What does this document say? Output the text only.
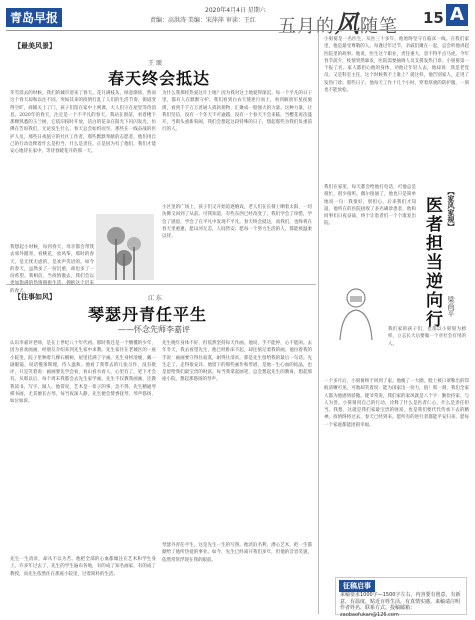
青岛早报
2020年4月4日 星期六
责编：高洪涛 美编：宋萍萍 审读：王红 五月的风随笔 15 A
【最美风景】
王 颂
春天终会抵达
冬雪消去的时候，我们的城市迎来了春天。花开满枝头，绿意渐浓，然而这个春天却和以往不同。突如其来的疫情打乱了人们的生活节奏，街道变得空旷，商铺关上了门，孩子们留在家中上网课，大人们守在屋里等待消息。2020年的春天，注定是一个不平凡的春天。我站在窗前，看着楼下那棵熟悉的玉兰树，它依旧按时开放，洁白的花朵在阳光下闪闪发光，仿佛在告诉我们，无论发生什么，春天总会如约而至。那些在一线奋战的医护人员，那些日夜值守的社区工作者，那些默默奉献的志愿者，他们用自己的行动诠释着什么是担当，什么是责任。正是因为有了他们，我们才能安心地待在家中，等待春暖花开的那一天。
我想起小时候，每到春天，母亲都会带我去郊外踏青，看桃花，放风筝。那时的春天，是无忧无虑的，是欢声笑语的。如今的春天，虽然多了一份沉重，却也多了一份希望。我相信，当疫情散去，我们会以更加饱满的热情拥抱生活，拥抱这个迟来的春天。
为什么我那样热爱这片土地？因为我对这土地爱得深沉。每一个平凡的日子里，都有人在默默守护。我们看到白衣天使逆行而上，看到解放军星夜驰援，看到千千万万普通人捐款捐物，汇聚成一股强大的力量。这种力量，让我们坚信，没有一个冬天不可逾越，没有一个春天不会来临。当樱花再次盛开，当街头重新喧闹，我们会想起这段特殊的日子，想起那些为我们负重前行的人。
小区里的广场上，孩子们又开始追逐嬉戏，老人们在长椅上晒着太阳，一切仿佛又回到了从前。可我知道，有些东西已经改变了。我们学会了珍惜，学会了感恩，学会了在平凡中发现不平凡。春天终会抵达，而我们，也终将在春天里重逢。愿山河无恙，人间皆安；愿每一个努力生活的人，都能被温柔以待。
【往事如风】	江 东
琴瑟丹青任平生
——怀念先师李嘉评
认识李嘉评老师，是在上世纪八十年代初。那时我还是一个懵懂的少年，因为喜欢画画，经朋友介绍来到先生家中求教。先生家住在老城区的一座小院里，院子里种着几棵石榴树，屋里挂满了字画。先生身材清瘦，戴一副眼镜，说话慢条斯理，待人温和。他看了我带去的几张习作，没有批评，只是笑着说：画画要先学会看，看山看水看人，心里有了，笔下才会有。从那以后，每个周末我都会去先生家学画。先生不仅教我画画，还教我读书、写字、做人。他常说，艺术是一辈子的事，急不得。先生精通琴棋书画，尤其擅长古琴。每当夜深人静，先生便会焚香抚琴，琴声悠扬，如泣如诉。
先生一生清贫，却从不以为苦。他把全部的心血都倾注在艺术和学生身上。许多年过去了，先生的学生遍布各地，有的成了知名画家，有的成了教授，而先生依然住在那座小院里，过着简朴的生活。
先生晚年身体不好，但依然坚持每天作画。他说，手不能停，心不能闲。去年冬天，我去看望先生，他已经卧床不起，却还惦记着我的画。他拉着我的手说：画画要守得住寂寞，耐得住清贫。那是先生留给我的最后一句话。先生走了，走得很安详。他留下的那些画作和琴谱，是他一生心血的结晶，也是留给我们最宝贵的财富。每当我拿起画笔，总会想起先生的教诲，想起那座小院，想起那悠扬的琴声。
琴瑟丹青任平生，这是先生一生的写照。他淡泊名利，潜心艺术，把一生都献给了他所热爱的事业。如今，先生已经离开我们多年，但他的音容笑貌，依然常常浮现在我的眼前。
小舅舅是一名医生，从医三十多年，他始终坚守在临床一线。在我们家里，他是最受尊敬的人。每逢过年过节，亲戚们聚在一起，总会听他讲起医院里的故事。他说，医生这个职业，责任重大，容不得半点马虎。今年春节前夕，疫情突然暴发，医院需要抽调人员支援发热门诊。小舅舅第一个报了名。家人都担心他的身体，劝他让年轻人去，他却说：我是老党员，又是科室主任，这个时候我不上谁上？就这样，他告别家人，走进了发热门诊。那些日子，他每天工作十几个小时，穿着厚重的防护服，一刻也不能放松。
【家风家规】
医者担当逆向行 梁尚平
我们在家里，每天都会给他打电话，可他总是很忙，很少接听。偶尔接通了，他也只是简单地说一句：我很好，别担心。后来我们才知道，他所在的医院接收了多名确诊患者，他和同事们日夜奋战，终于让患者们一个个康复出院。
我们家的孩子们，也都以小舅舅为榜样，立志长大后要做一个对社会有用的人。
一个多月后，小舅舅终于回到了家。他瘦了一大圈，脸上被口罩勒出的印痕清晰可见。可他却笑着说：能为国家出一份力，值！那一刻，我们全家人都为他感到骄傲。姥爷常说，我们家的家风就是八个字：勤俭持家，与人为善。小舅舅用自己的行动，诠释了什么是医者仁心，什么是责任担当。我想，这就是我们家最宝贵的财富，也是我们要代代传承下去的精神。疫情终将过去，春天已经到来。愿所有的逆行者都能平安归来，愿每一个家庭都能团圆幸福。
征稿启事
来稿要求1000字—1500字左右，内容要有创意，有新意，有温度，贴近百姓生活，有真情实感。来稿请注明作者姓名、联系方式。投稿邮箱：zaobaofukan@126.com
